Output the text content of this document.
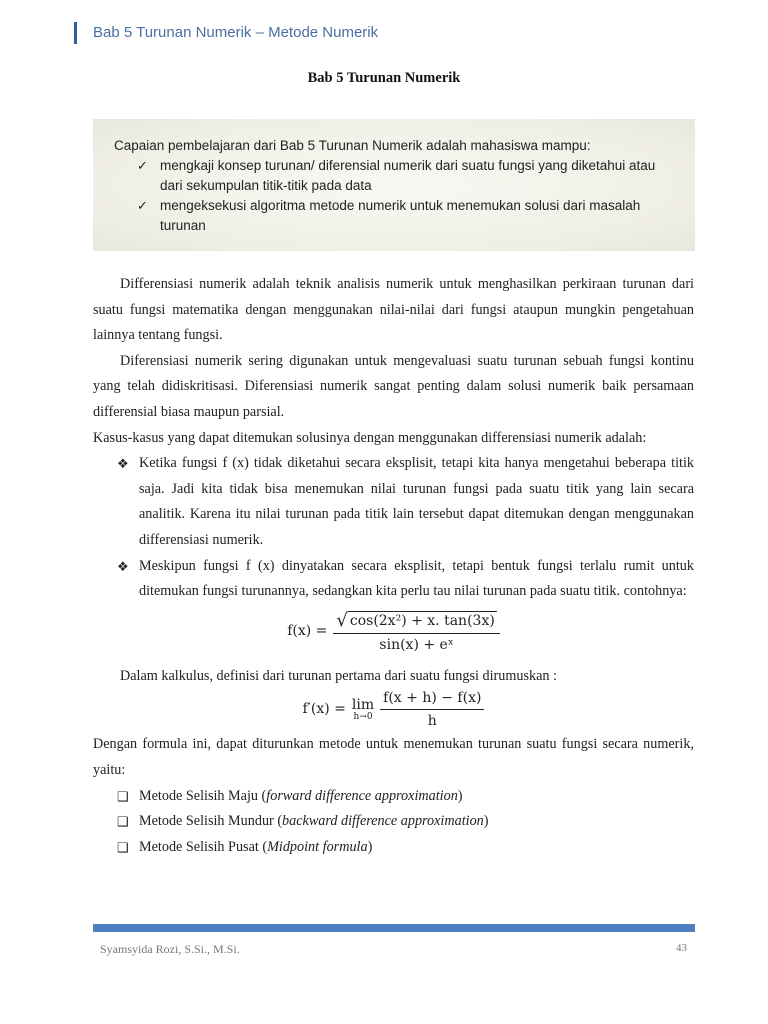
Bab 5 Turunan Numerik – Metode Numerik
Bab 5 Turunan Numerik
Capaian pembelajaran dari Bab 5 Turunan Numerik adalah mahasiswa mampu:
✓ mengkaji konsep turunan/ diferensial numerik dari suatu fungsi yang diketahui atau dari sekumpulan titik-titik pada data
✓ mengeksekusi algoritma metode numerik untuk menemukan solusi dari masalah turunan

Differensiasi numerik adalah teknik analisis numerik untuk menghasilkan perkiraan turunan dari suatu fungsi matematika dengan menggunakan nilai-nilai dari fungsi ataupun mungkin pengetahuan lainnya tentang fungsi.

Diferensiasi numerik sering digunakan untuk mengevaluasi suatu turunan sebuah fungsi kontinu yang telah didiskritisasi. Diferensiasi numerik sangat penting dalam solusi numerik baik persamaan differensial biasa maupun parsial.

Kasus-kasus yang dapat ditemukan solusinya dengan menggunakan differensiasi numerik adalah:

❖ Ketika fungsi f (x) tidak diketahui secara eksplisit, tetapi kita hanya mengetahui beberapa titik saja. Jadi kita tidak bisa menemukan nilai turunan fungsi pada suatu titik yang lain secara analitik. Karena itu nilai turunan pada titik lain tersebut dapat ditemukan dengan menggunakan differensiasi numerik.
❖ Meskipun fungsi f (x) dinyatakan secara eksplisit, tetapi bentuk fungsi terlalu rumit untuk ditemukan fungsi turunannya, sedangkan kita perlu tau nilai turunan pada suatu titik. contohnya:
$f(x) = \frac{\text{√ cos(2x²) + x. tan(3x)}}{\text{sin(x) + eˣ}}$

Dalam kalkulus, definisi dari turunan pertama dari suatu fungsi dirumuskan :

f′(x) = lim
$h\to 0 \frac{f(x + h) - f(x)}{h}$

Dengan formula ini, dapat diturunkan metode untuk menemukan turunan suatu fungsi secara numerik, yaitu:

❑ Metode Selisih Maju (forward difference approximation)
❑ Metode Selisih Mundur (backward difference approximation)
❑ Metode Selisih Pusat (Midpoint formula)
Syamsyida Rozi, S.Si., M.Si.	43
